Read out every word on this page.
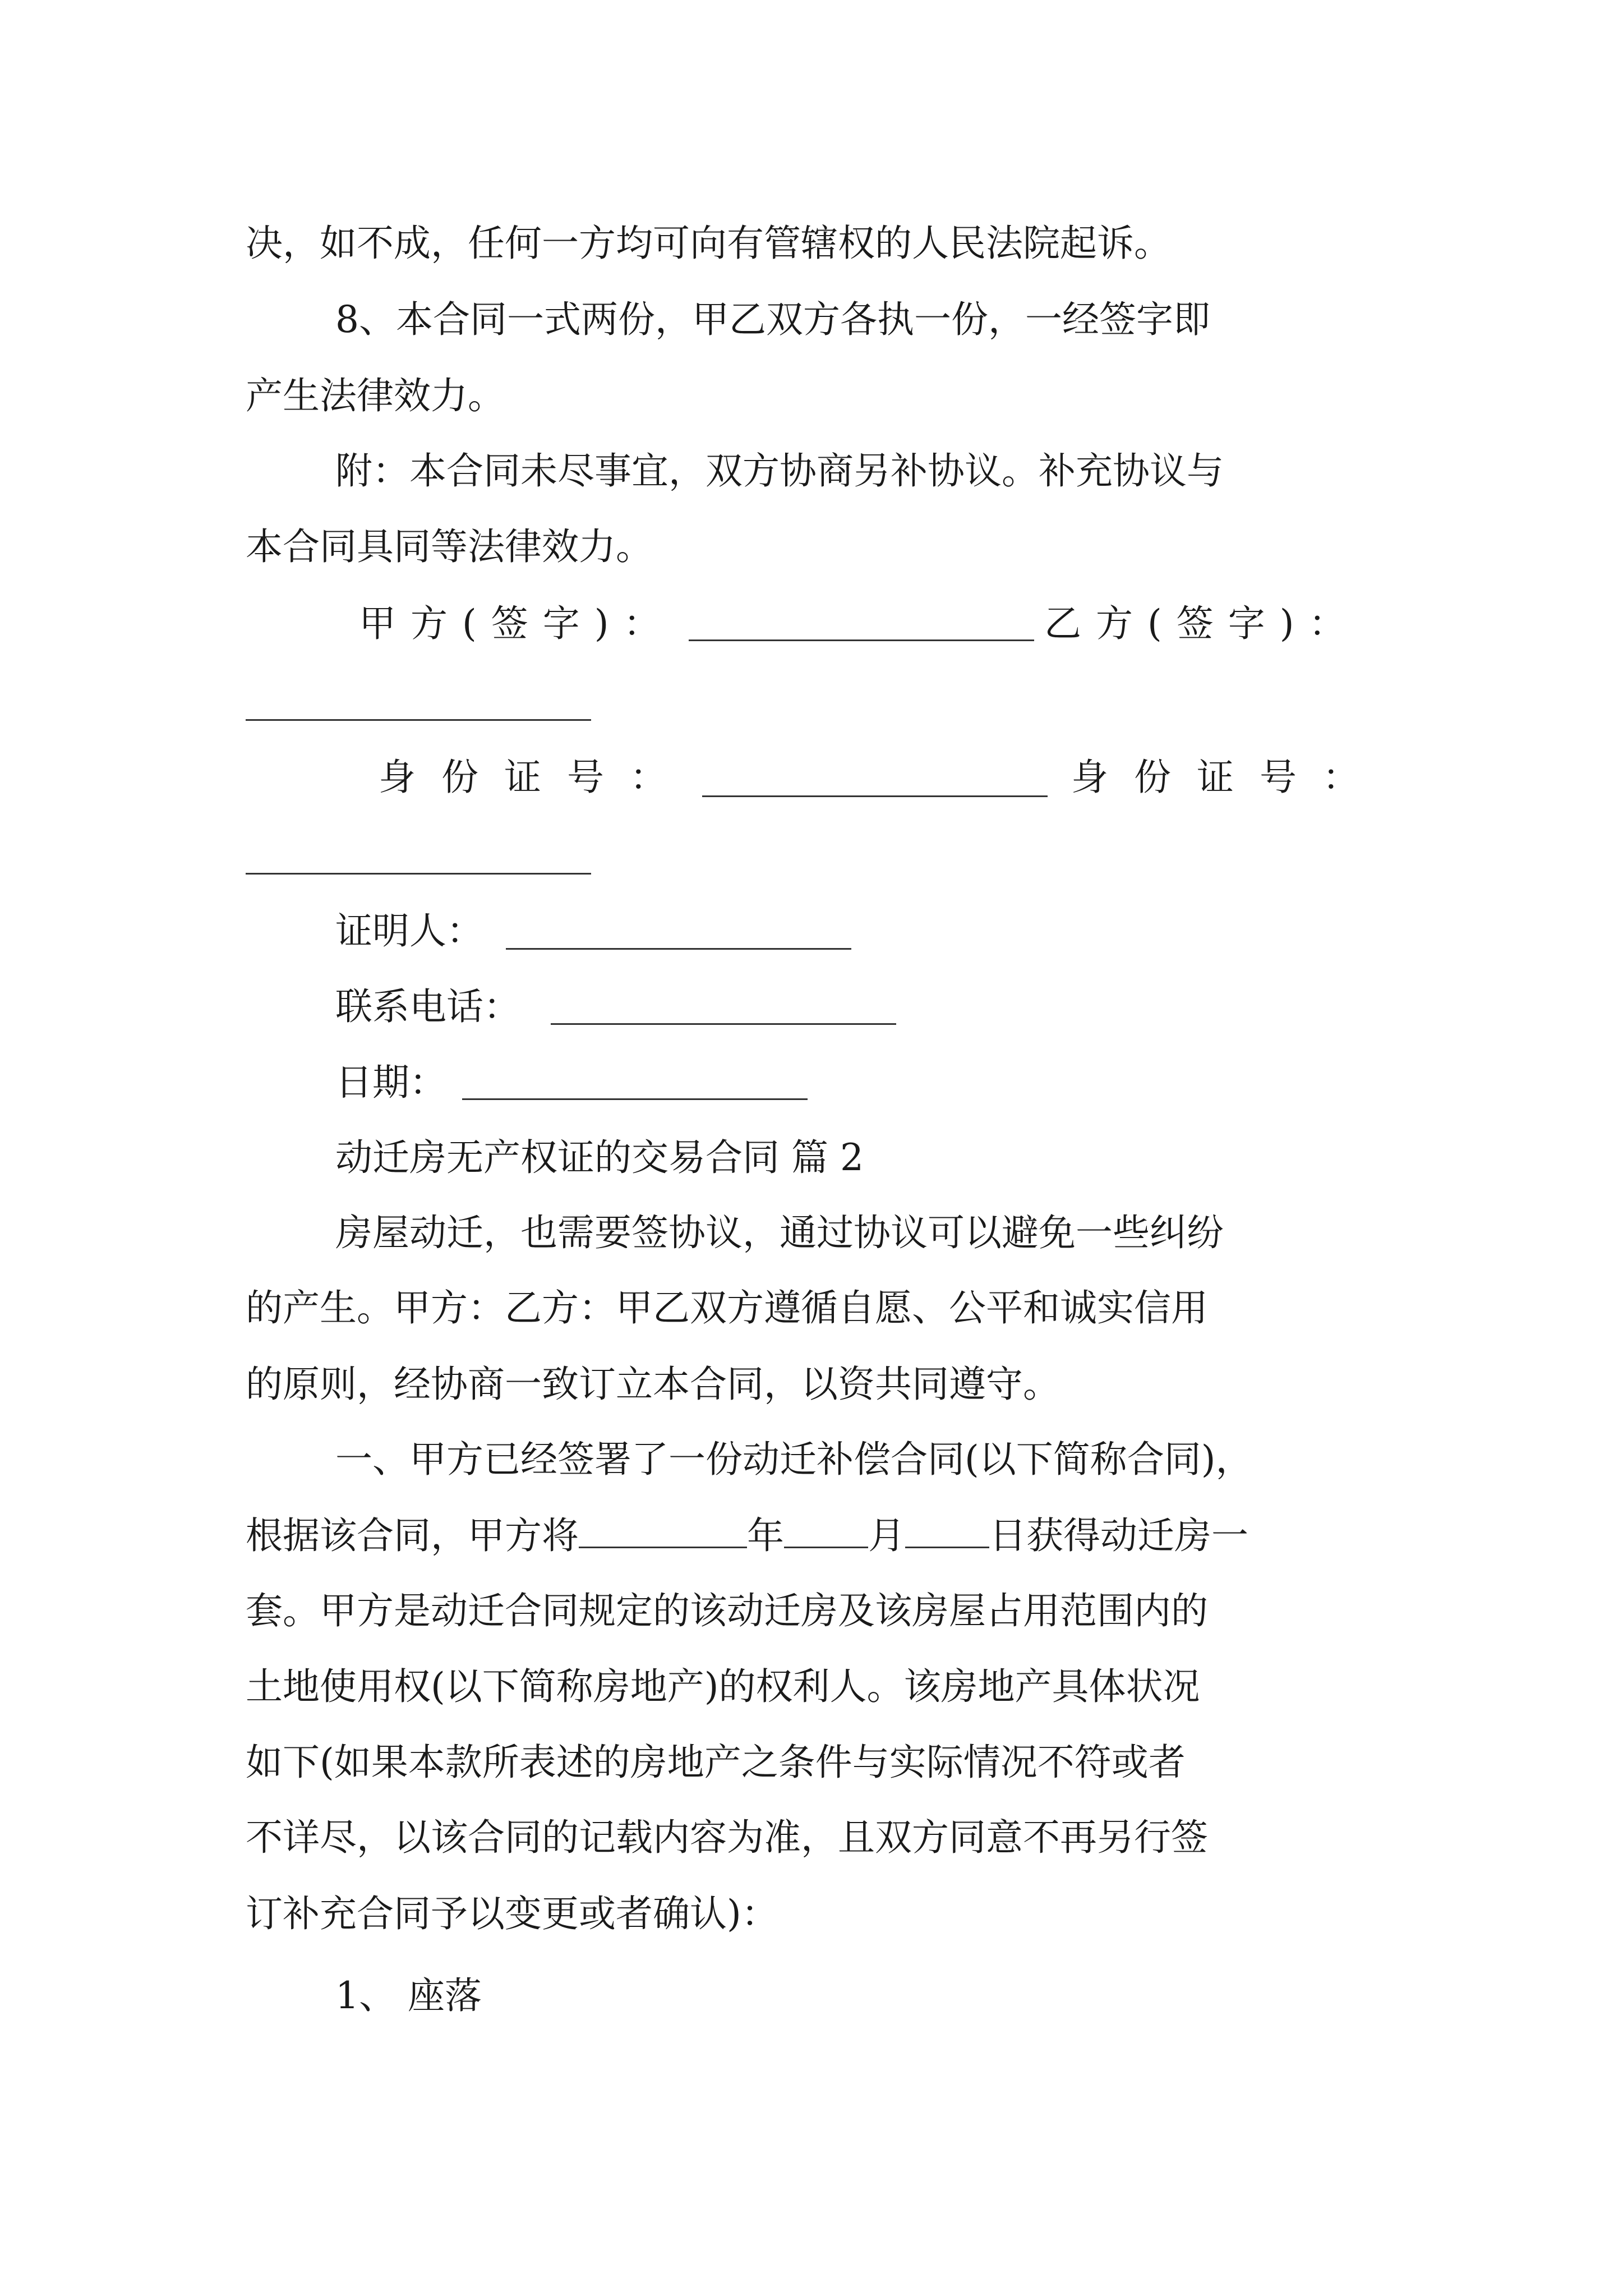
决，如不成，任何一方均可向有管辖权的人民法院起诉。
8、本合同一式两份，甲乙双方各执一份，一经签字即
产生法律效力。
附：本合同未尽事宜，双方协商另补协议。补充协议与
本合同具同等法律效力。
甲方(签字)：	乙方(签字)：
身份证号：	身份证号：
证明人：
联系电话：
日期：
动迁房无产权证的交易合同 篇 2
房屋动迁，也需要签协议，通过协议可以避免一些纠纷
的产生。甲方：乙方：甲乙双方遵循自愿、公平和诚实信用
的原则，经协商一致订立本合同，以资共同遵守。
一、甲方已经签署了一份动迁补偿合同(以下简称合同)，
根据该合同，甲方将	年 月 日获得动迁房一
套。甲方是动迁合同规定的该动迁房及该房屋占用范围内的
土地使用权(以下简称房地产)的权利人。该房地产具体状况
如下(如果本款所表述的房地产之条件与实际情况不符或者
不详尽，以该合同的记载内容为准，且双方同意不再另行签
订补充合同予以变更或者确认)：
1、 座落
